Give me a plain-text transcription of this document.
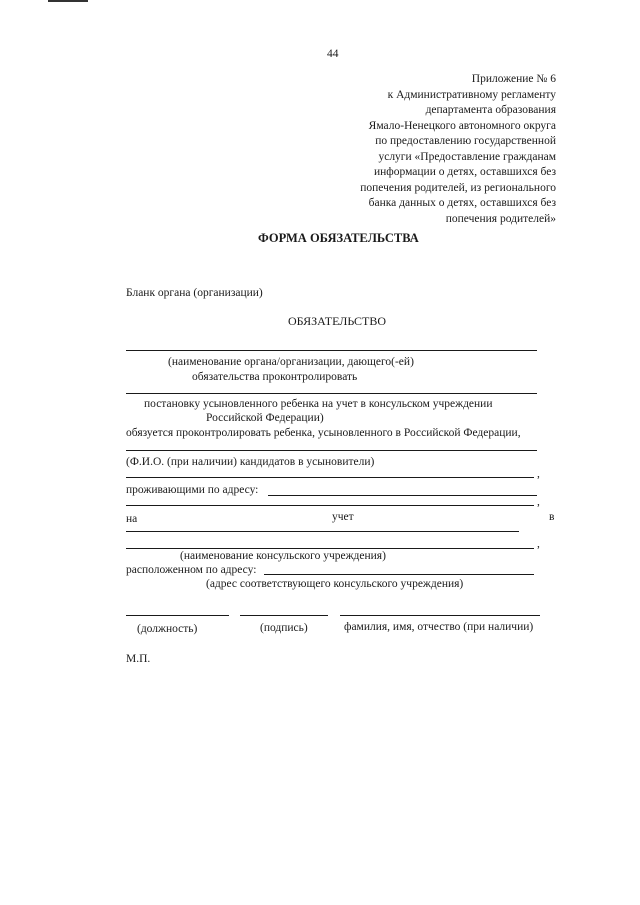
44
Приложение № 6
к Административному регламенту
департамента образования
Ямало-Ненецкого автономного округа
по предоставлению государственной
услуги «Предоставление гражданам
информации о детях, оставшихся без
попечения родителей, из регионального
банка данных о детях, оставшихся без
попечения родителей»
ФОРМА ОБЯЗАТЕЛЬСТВА
Бланк органа (организации)
ОБЯЗАТЕЛЬСТВО
(наименование органа/организации, дающего(-ей)
обязательства проконтролировать
постановку усыновленного ребенка на учет в консульском учреждении
Российской Федерации)
обязуется проконтролировать ребенка, усыновленного в Российской Федерации,
(Ф.И.О. (при наличии) кандидатов в усыновители)
,
проживающими по адресу:
,
на	учет	в
,
(наименование консульского учреждения)
расположенном по адресу:
(адрес соответствующего консульского учреждения)
(должность)	(подпись)	фамилия, имя, отчество (при наличии)
М.П.
